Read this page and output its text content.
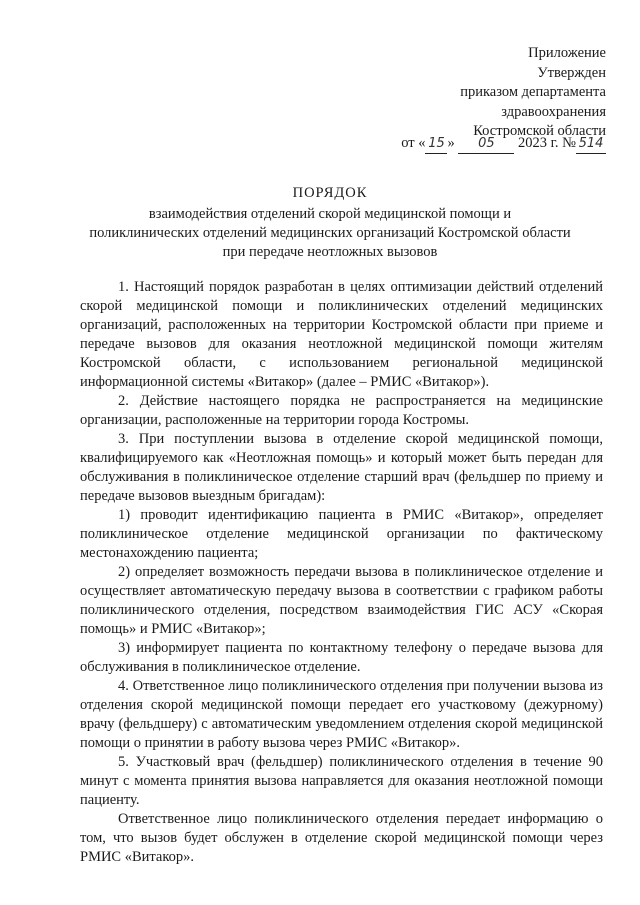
Приложение
Утвержден
приказом департамента
здравоохранения
Костромской области
от « 15 » 05 2023 г. № 514
ПОРЯДОК
взаимодействия отделений скорой медицинской помощи и
поликлинических отделений медицинских организаций Костромской области
при передаче неотложных вызовов

1. Настоящий порядок разработан в целях оптимизации действий отделений скорой медицинской помощи и поликлинических отделений медицинских организаций, расположенных на территории Костромской области при приеме и передаче вызовов для оказания неотложной медицинской помощи жителям Костромской области, с использованием региональной медицинской информационной системы «Витакор» (далее – РМИС «Витакор»).

2. Действие настоящего порядка не распространяется на медицинские организации, расположенные на территории города Костромы.

3. При поступлении вызова в отделение скорой медицинской помощи, квалифицируемого как «Неотложная помощь» и который может быть передан для обслуживания в поликлиническое отделение старший врач (фельдшер по приему и передаче вызовов выездным бригадам):

1) проводит идентификацию пациента в РМИС «Витакор», определяет поликлиническое отделение медицинской организации по фактическому местонахождению пациента;

2) определяет возможность передачи вызова в поликлиническое отделение и осуществляет автоматическую передачу вызова в соответствии с графиком работы поликлинического отделения, посредством взаимодействия ГИС АСУ «Скорая помощь» и РМИС «Витакор»;

3) информирует пациента по контактному телефону о передаче вызова для обслуживания в поликлиническое отделение.

4. Ответственное лицо поликлинического отделения при получении вызова из отделения скорой медицинской помощи передает его участковому (дежурному) врачу (фельдшеру) с автоматическим уведомлением отделения скорой медицинской помощи о принятии в работу вызова через РМИС «Витакор».

5. Участковый врач (фельдшер) поликлинического отделения в течение 90 минут с момента принятия вызова направляется для оказания неотложной помощи пациенту.

Ответственное лицо поликлинического отделения передает информацию о том, что вызов будет обслужен в отделение скорой медицинской помощи через РМИС «Витакор».
